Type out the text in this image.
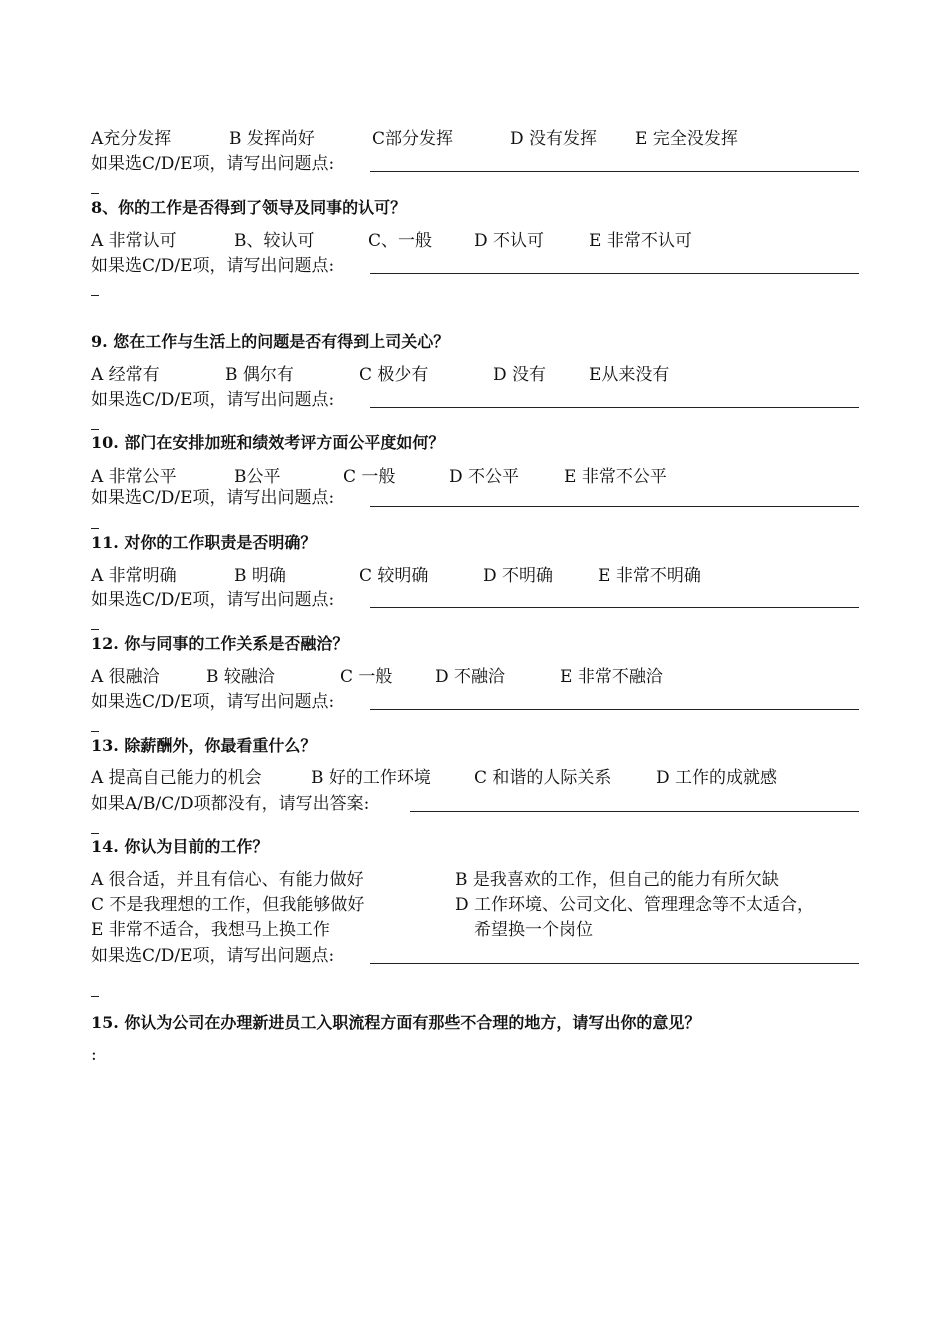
A充分发挥	B 发挥尚好	C部分发挥	D 没有发挥 E 完全没发挥
如果选C/D/E项，请写出问题点:
8、你的工作是否得到了领导及同事的认可？
A 非常认可	B、较认可	C、一般 D 不认可	E 非常不认可
如果选C/D/E项，请写出问题点:
9. 您在工作与生活上的问题是否有得到上司关心？
A 经常有	B 偶尔有	C 极少有	D 没有	E从来没有
如果选C/D/E项，请写出问题点:
10. 部门在安排加班和绩效考评方面公平度如何？
A 非常公平	B公平	C 一般	D 不公平	E 非常不公平
如果选C/D/E项，请写出问题点:
11. 对你的工作职责是否明确？
A 非常明确	B 明确	C 较明确	D 不明确	E 非常不明确
如果选C/D/E项，请写出问题点:
12. 你与同事的工作关系是否融洽？
A 很融洽	B 较融洽	C 一般	D 不融洽	E 非常不融洽
如果选C/D/E项，请写出问题点:
13. 除薪酬外，你最看重什么？
A 提高自己能力的机会	B 好的工作环境	C 和谐的人际关系	D 工作的成就感
如果A/B/C/D项都没有，请写出答案:
14. 你认为目前的工作？
A 很合适，并且有信心、有能力做好	B 是我喜欢的工作，但自己的能力有所欠缺
C 不是我理想的工作，但我能够做好	D 工作环境、公司文化、管理理念等不太适合，
E 非常不适合，我想马上换工作	希望换一个岗位
如果选C/D/E项，请写出问题点:
15. 你认为公司在办理新进员工入职流程方面有那些不合理的地方，请写出你的意见？
:
